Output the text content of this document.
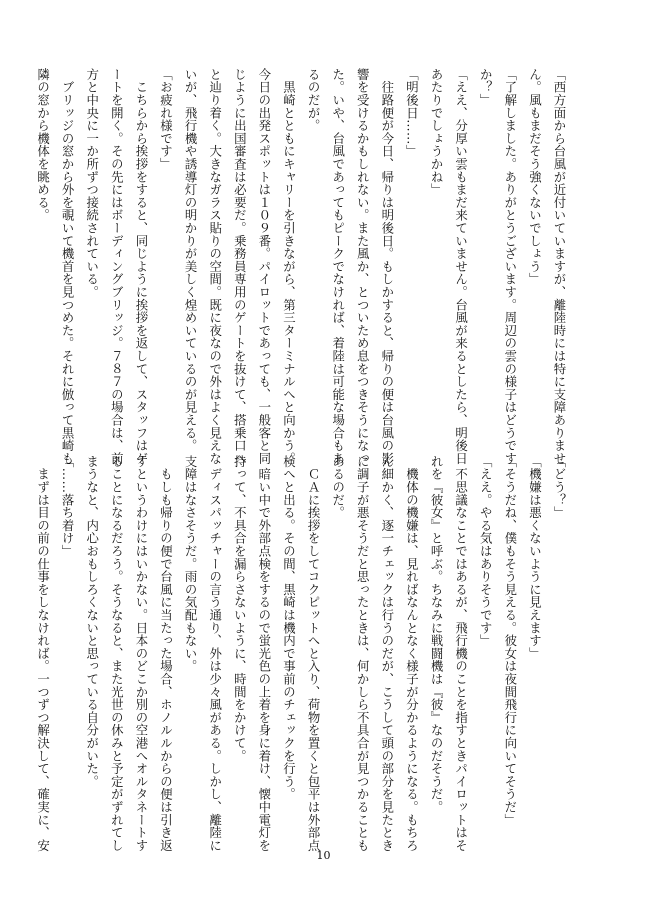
「西方面から台風が近付いていますが、離陸時には特に支障ありませ
ん。風もまだそう強くないでしょう」
「了解しました。ありがとうございます。周辺の雲の様子はどうです
か？」
「ええ、分厚い雲もまだ来ていません。台風が来るとしたら、明後日
あたりでしょうかね」
「明後日……」
　往路便が今日、帰りは明後日。もしかすると、帰りの便は台風の影
響を受けるかもしれない。また風か、とついため息をつきそうになっ
た。いや、台風であってもピークでなければ、着陸は可能な場合もあ
るのだが。
　黒崎とともにキャリーを引きながら、第三ターミナルへと向かう。
今日の出発スポットは１０９番。パイロットであっても、一般客と同
じように出国審査は必要だ。乗務員専用のゲートを抜けて、搭乗口へ
と辿り着く。大きなガラス貼りの空間。既に夜なので外はよく見えな
いが、飛行機や誘導灯の明かりが美しく煌めいているのが見える。
「お疲れ様です」
　こちらから挨拶をすると、同じように挨拶を返して、スタッフはゲ
ートを開く。その先にはボーディングブリッジ。７８７の場合は、前
方と中央に一か所ずつ接続されている。
　ブリッジの窓から外を覗いて機首を見つめた。それに倣って黒崎も
隣の窓から機体を眺める。
「どう？」
「機嫌は悪くないように見えます」
「そうだね、僕もそう見える。彼女は夜間飛行に向いてそうだ」
「ええ。やる気はありそうです」
　不思議なことではあるが、飛行機のことを指すときパイロットはそ
れを『彼女』と呼ぶ。ちなみに戦闘機は『彼』なのだそうだ。
　機体の機嫌は、見ればなんとなく様子が分かるようになる。もちろ
ん細かく、逐一チェックは行うのだが、こうして頭の部分を見たとき
に調子が悪そうだと思ったときは、何かしら不具合が見つかることも
あるのだ。
　ＣＡに挨拶をしてコクピットへと入り、荷物を置くと包平は外部点
検へと出る。その間、黒崎は機内で事前のチェックを行う。
　暗い中で外部点検をするので蛍光色の上着を身に着け、懐中電灯を
持って、不具合を漏らさないように、時間をかけて。
　ディスパッチャーの言う通り、外は少々風がある。しかし、離陸に
支障はなさそうだ。雨の気配もない。
　もしも帰りの便で台風に当たった場合、ホノルルからの便は引き返
すというわけにはいかない。日本のどこか別の空港へオルタネートす
ることになるだろう。そうなると、また光世の休みと予定がずれてし
まうなと、内心おもしろくないと思っている自分がいた。
「……落ち着け」
　まずは目の前の仕事をしなければ。一つずつ解決して、確実に、安
10
